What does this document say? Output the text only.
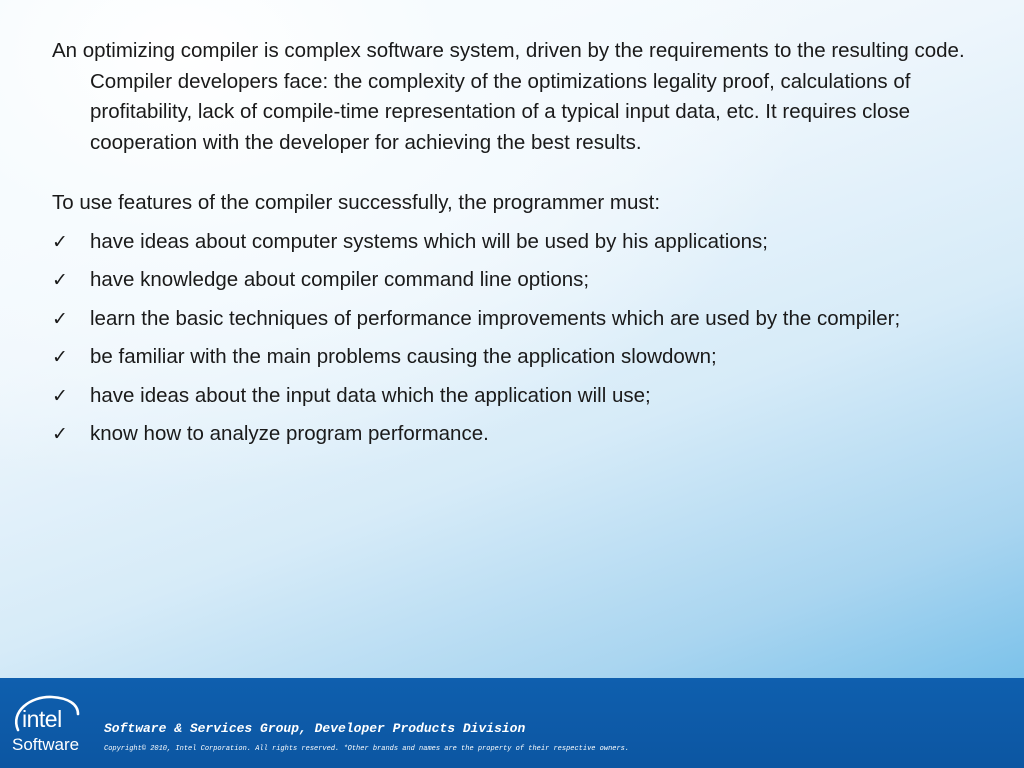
An optimizing compiler is complex software system, driven by the requirements to the resulting code. Compiler developers face: the complexity of the optimizations legality proof, calculations of profitability, lack of compile-time representation of a typical input data, etc. It requires close cooperation with the developer for achieving the best results.

To use features of the compiler successfully, the programmer must:

✓ have ideas about computer systems which will be used by his applications;
✓ have knowledge about compiler command line options;
✓ learn the basic techniques of performance improvements which are used by the compiler;
✓ be familiar with the main problems causing the application slowdown;
✓ have ideas about the input data which the application will use;
✓ know how to analyze program performance.
intel
Software
Software & Services Group, Developer Products Division
Copyright© 2010, Intel Corporation. All rights reserved. *Other brands and names are the property of their respective owners.
